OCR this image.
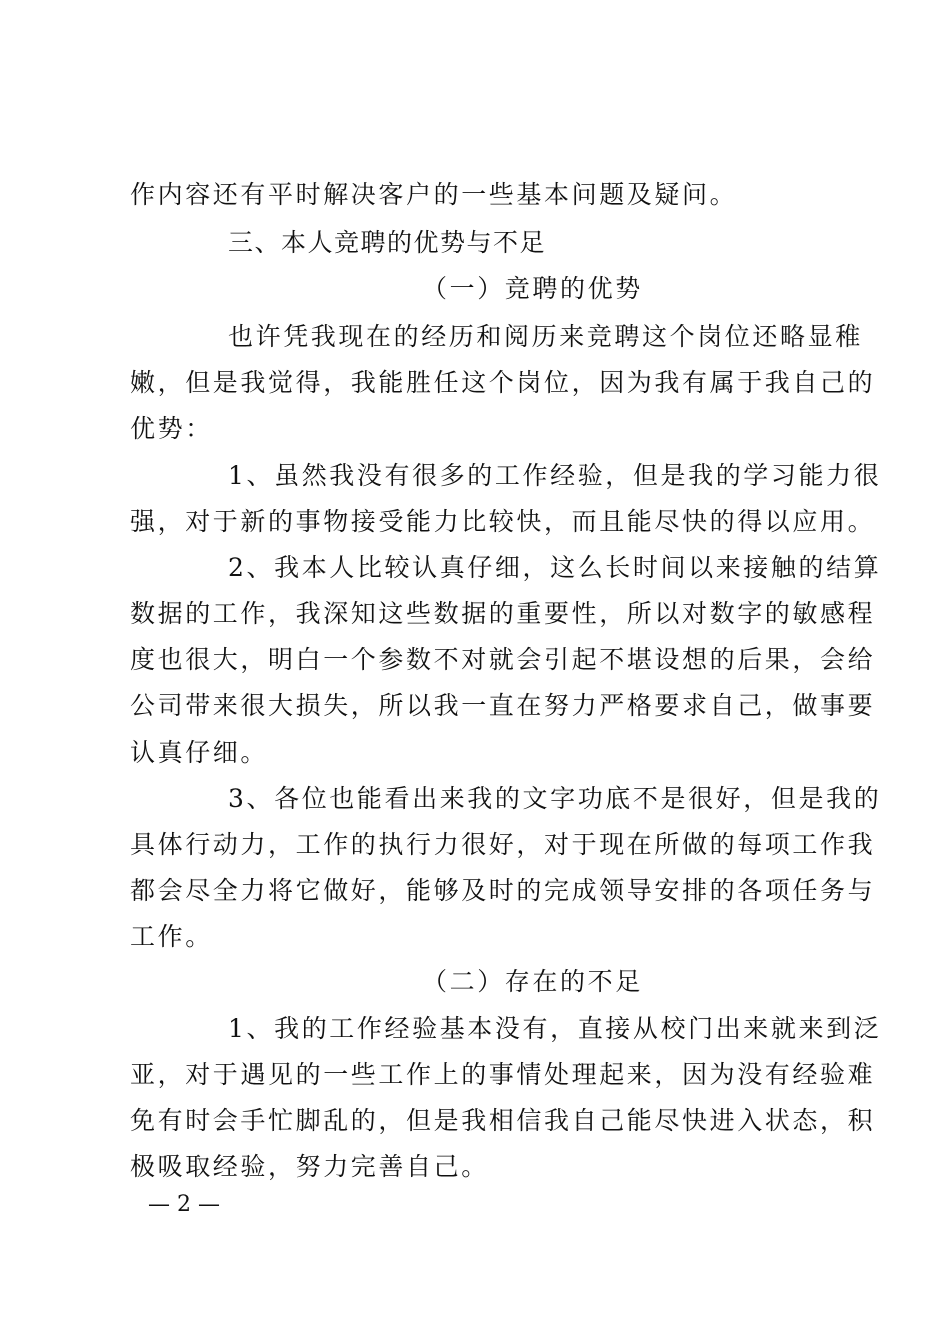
作内容还有平时解决客户的一些基本问题及疑问。
三、本人竞聘的优势与不足
（一）竞聘的优势
也许凭我现在的经历和阅历来竞聘这个岗位还略显稚
嫩，但是我觉得，我能胜任这个岗位，因为我有属于我自己的
优势：
1、虽然我没有很多的工作经验，但是我的学习能力很
强，对于新的事物接受能力比较快，而且能尽快的得以应用。
2、我本人比较认真仔细，这么长时间以来接触的结算
数据的工作，我深知这些数据的重要性，所以对数字的敏感程
度也很大，明白一个参数不对就会引起不堪设想的后果，会给
公司带来很大损失，所以我一直在努力严格要求自己，做事要
认真仔细。
3、各位也能看出来我的文字功底不是很好，但是我的
具体行动力，工作的执行力很好，对于现在所做的每项工作我
都会尽全力将它做好，能够及时的完成领导安排的各项任务与
工作。
（二）存在的不足
1、我的工作经验基本没有，直接从校门出来就来到泛
亚，对于遇见的一些工作上的事情处理起来，因为没有经验难
免有时会手忙脚乱的，但是我相信我自己能尽快进入状态，积
极吸取经验，努力完善自己。
— 2 —
